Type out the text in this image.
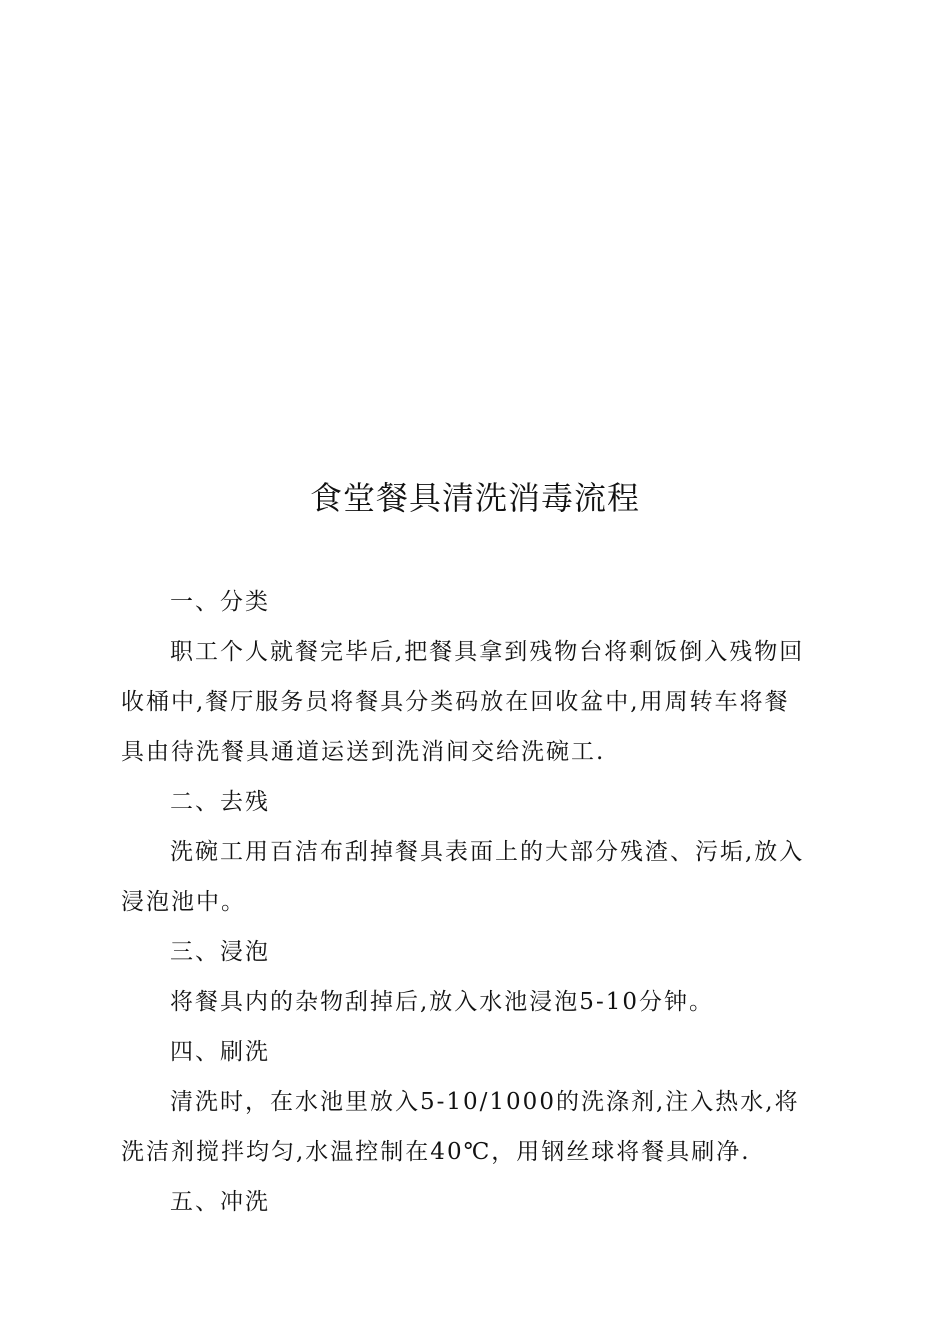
食堂餐具清洗消毒流程
一、分类
职工个人就餐完毕后,把餐具拿到残物台将剩饭倒入残物回
收桶中,餐厅服务员将餐具分类码放在回收盆中,用周转车将餐
具由待洗餐具通道运送到洗消间交给洗碗工.
二、去残
洗碗工用百洁布刮掉餐具表面上的大部分残渣、污垢,放入
浸泡池中。
三、浸泡
将餐具内的杂物刮掉后,放入水池浸泡5-10分钟。
四、刷洗
清洗时，在水池里放入5-10/1000的洗涤剂,注入热水,将
洗洁剂搅拌均匀,水温控制在40℃，用钢丝球将餐具刷净.
五、冲洗
